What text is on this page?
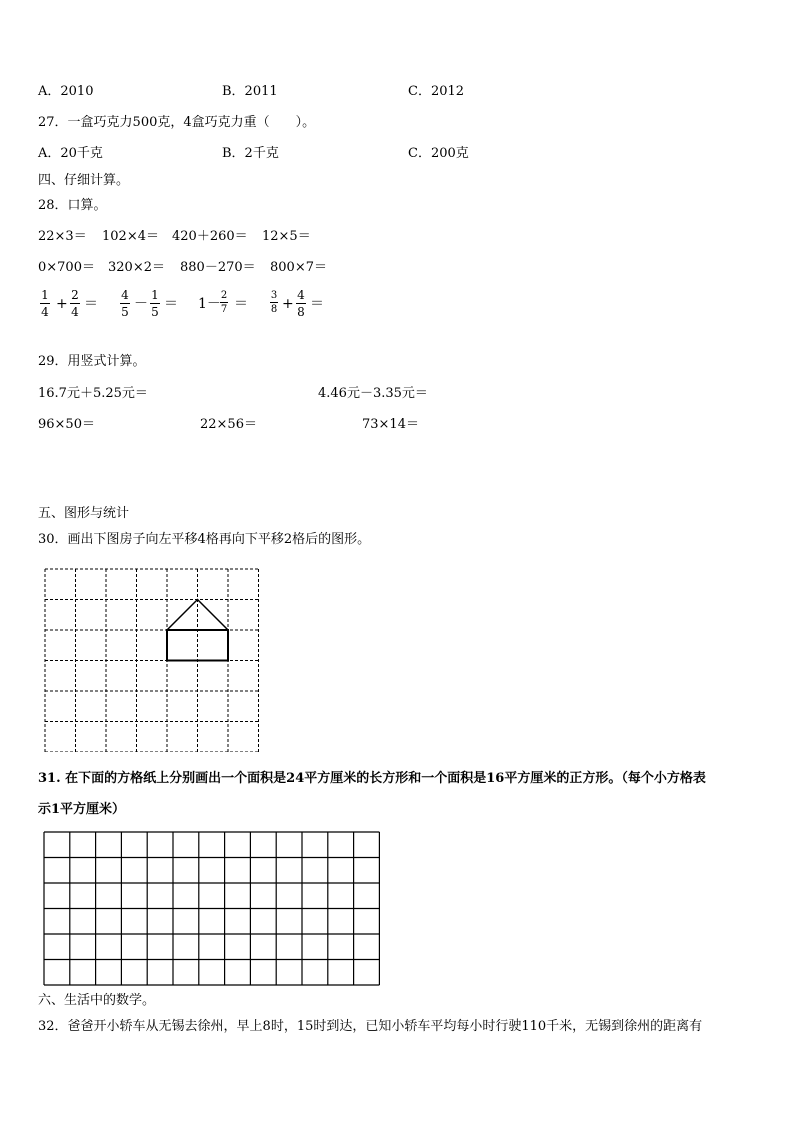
A．2010	B．2011	C．2012
27．一盒巧克力500克，4盒巧克力重（　　）。
A．20千克	B．2千克	C．200克
四、仔细计算。
28．口算。
22×3＝ 102×4＝ 420＋260＝ 12×5＝
0×700＝ 320×2＝ 880－270＝ 800×7＝
1
4 +
2
4 ＝
4
5 －
1
5 ＝ 1－
2
7 ＝
3
8 +
4
8 ＝
29．用竖式计算。
16.7元＋5.25元＝	4.46元－3.35元＝
96×50＝	22×56＝	73×14＝
五、图形与统计
30．画出下图房子向左平移4格再向下平移2格后的图形。
31. 在下面的方格纸上分别画出一个面积是24平方厘米的长方形和一个面积是16平方厘米的正方形。（每个小方格表
示1平方厘米）
六、生活中的数学。
32．爸爸开小轿车从无锡去徐州，早上8时，15时到达，已知小轿车平均每小时行驶110千米，无锡到徐州的距离有
